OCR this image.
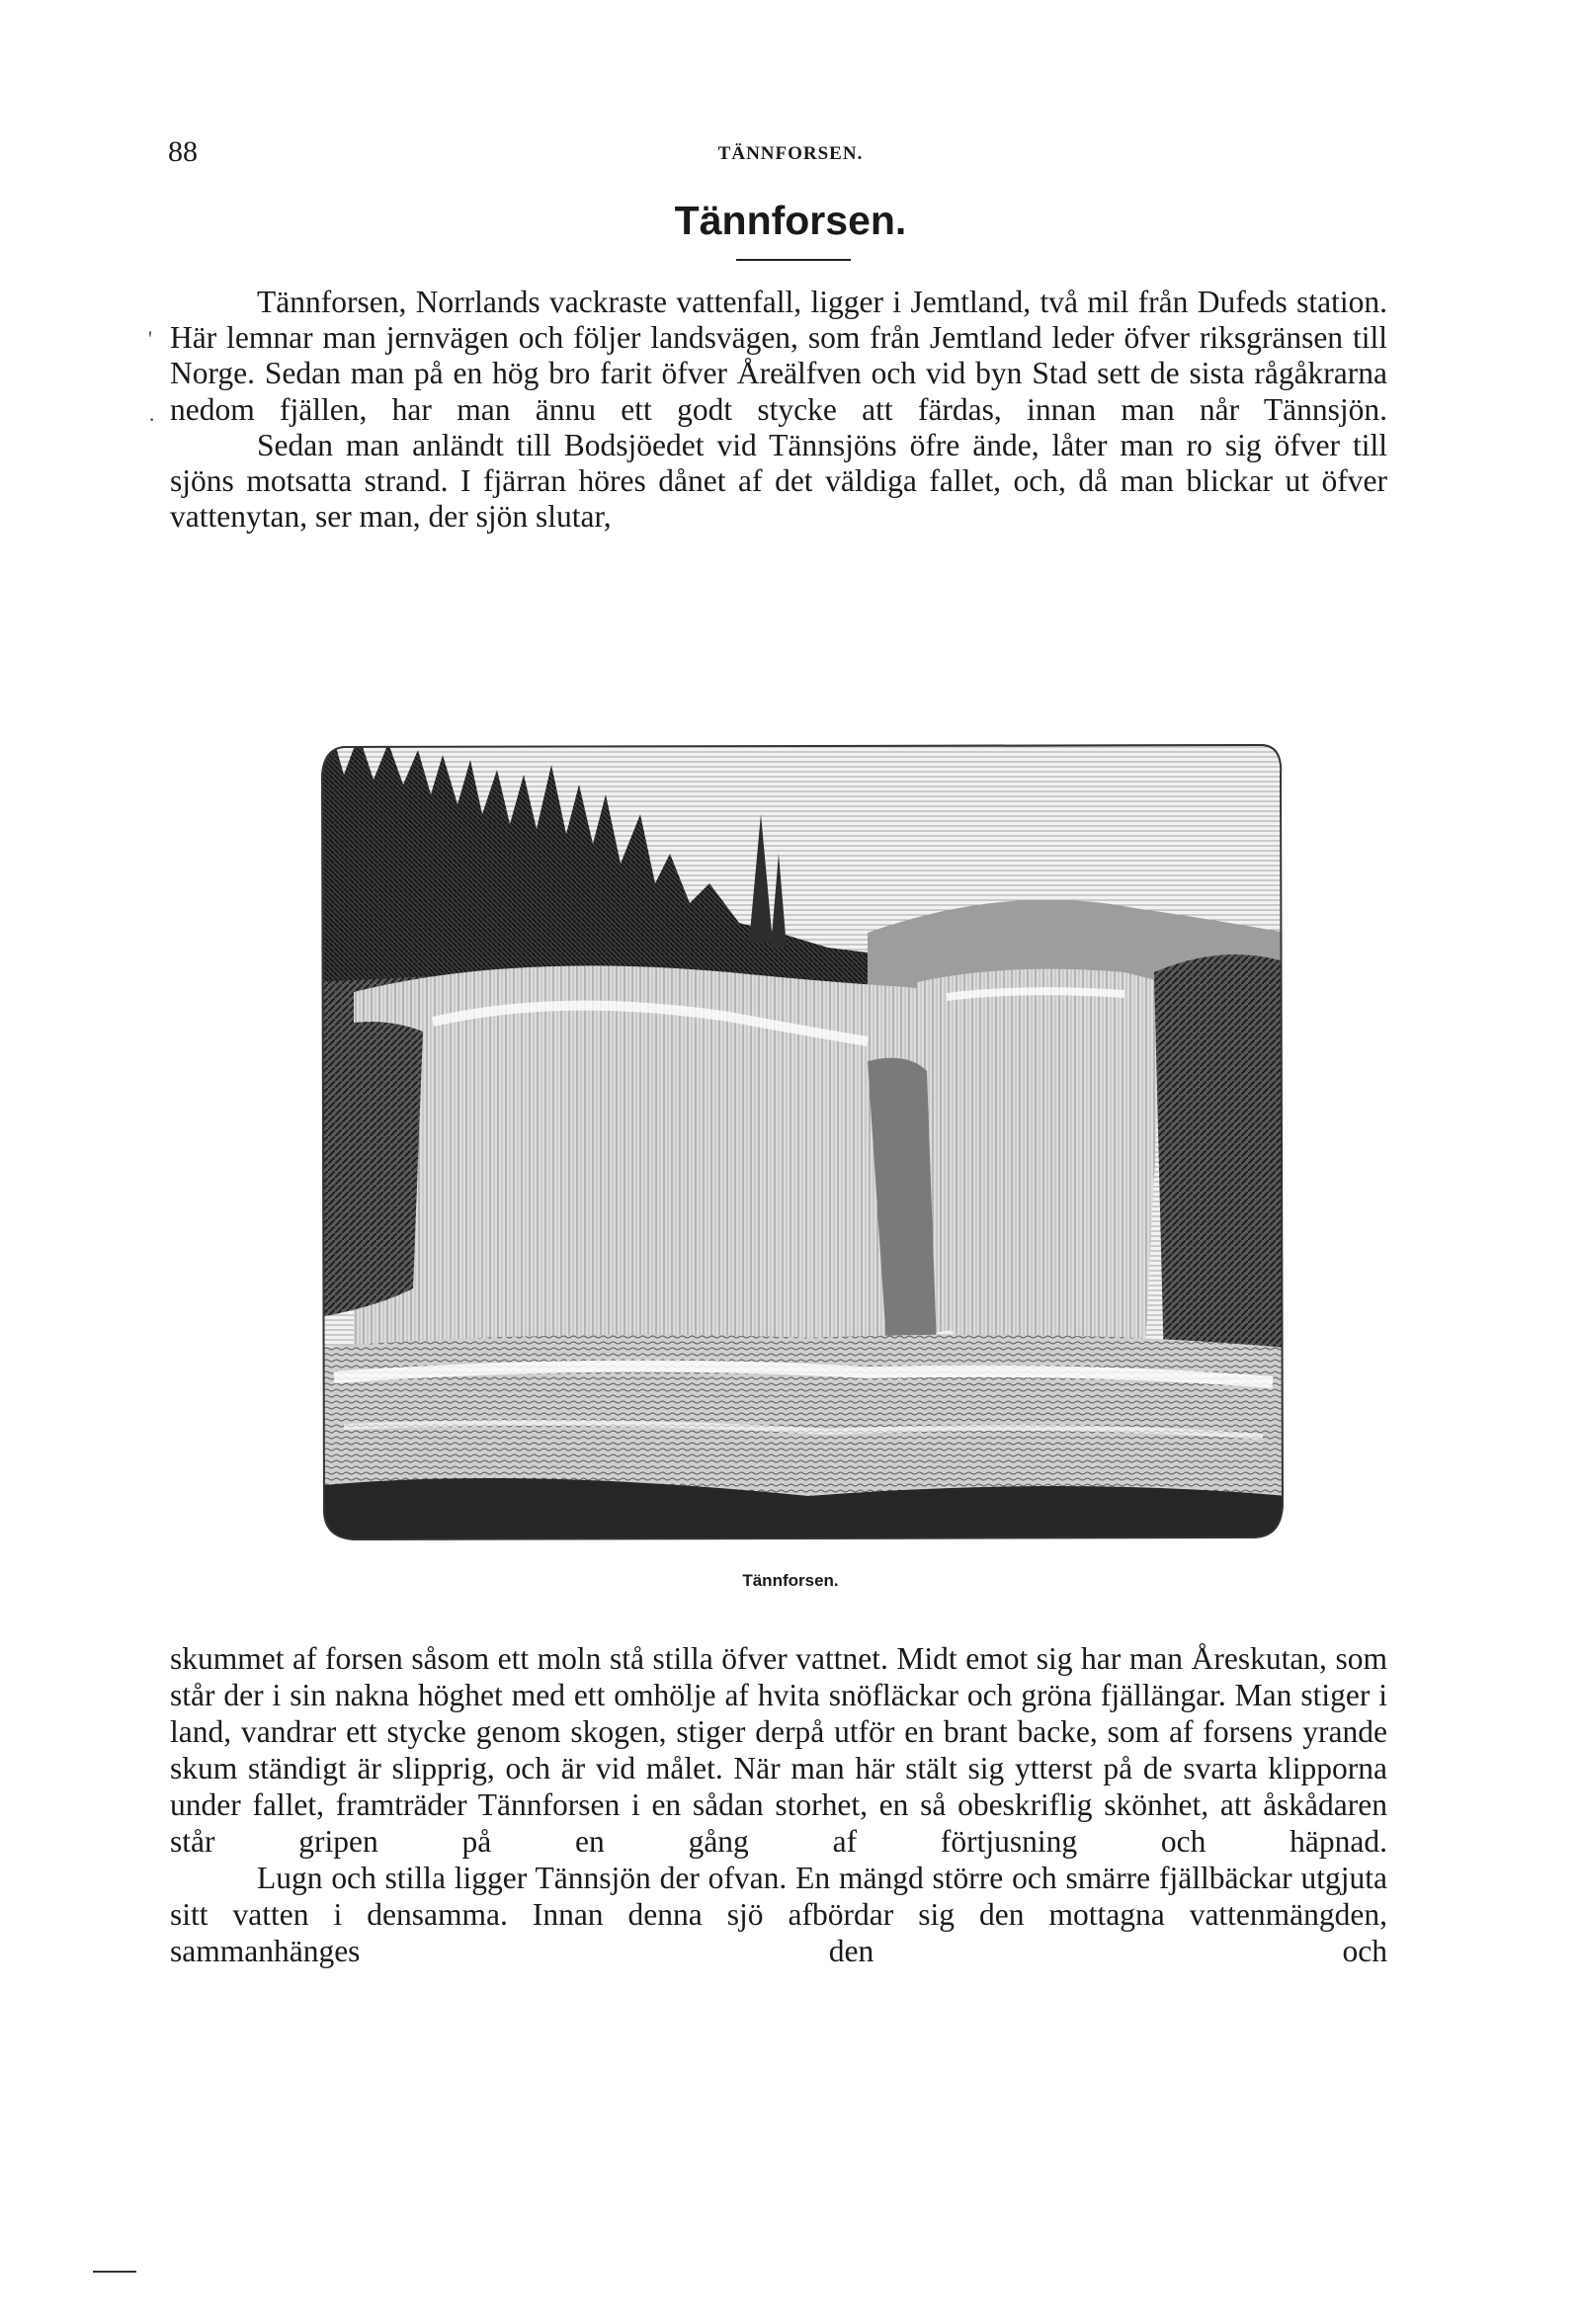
88	TÄNNFORSEN.
Tännforsen.
'
·

Tännforsen, Norrlands vackraste vattenfall, ligger i Jemtland, två mil från Dufeds station. Här lemnar man jernvägen och följer landsvägen, som från Jemtland leder öfver riksgränsen till Norge. Sedan man på en hög bro farit öfver Åreälfven och vid byn Stad sett de sista rågåkrarna nedom fjällen, har man ännu ett godt stycke att färdas, innan man når Tännsjön.

Sedan man anländt till Bodsjöedet vid Tännsjöns öfre ände, låter man ro sig öfver till sjöns motsatta strand. I fjärran höres dånet af det väldiga fallet, och, då man blickar ut öfver vattenytan, ser man, der sjön slutar,

Tännforsen.

skummet af forsen såsom ett moln stå stilla öfver vattnet. Midt emot sig har man Åreskutan, som står der i sin nakna höghet med ett omhölje af hvita snöfläckar och gröna fjällängar. Man stiger i land, vandrar ett stycke genom skogen, stiger derpå utför en brant backe, som af forsens yrande skum ständigt är slipprig, och är vid målet. När man här stält sig ytterst på de svarta klipporna under fallet, framträder Tännforsen i en sådan storhet, en så obeskriflig skönhet, att åskådaren står gripen på en gång af förtjusning och häpnad.

Lugn och stilla ligger Tännsjön der ofvan. En mängd större och smärre fjällbäckar utgjuta sitt vatten i densamma. Innan denna sjö afbördar sig den mottagna vattenmängden, sammanhänges den och
